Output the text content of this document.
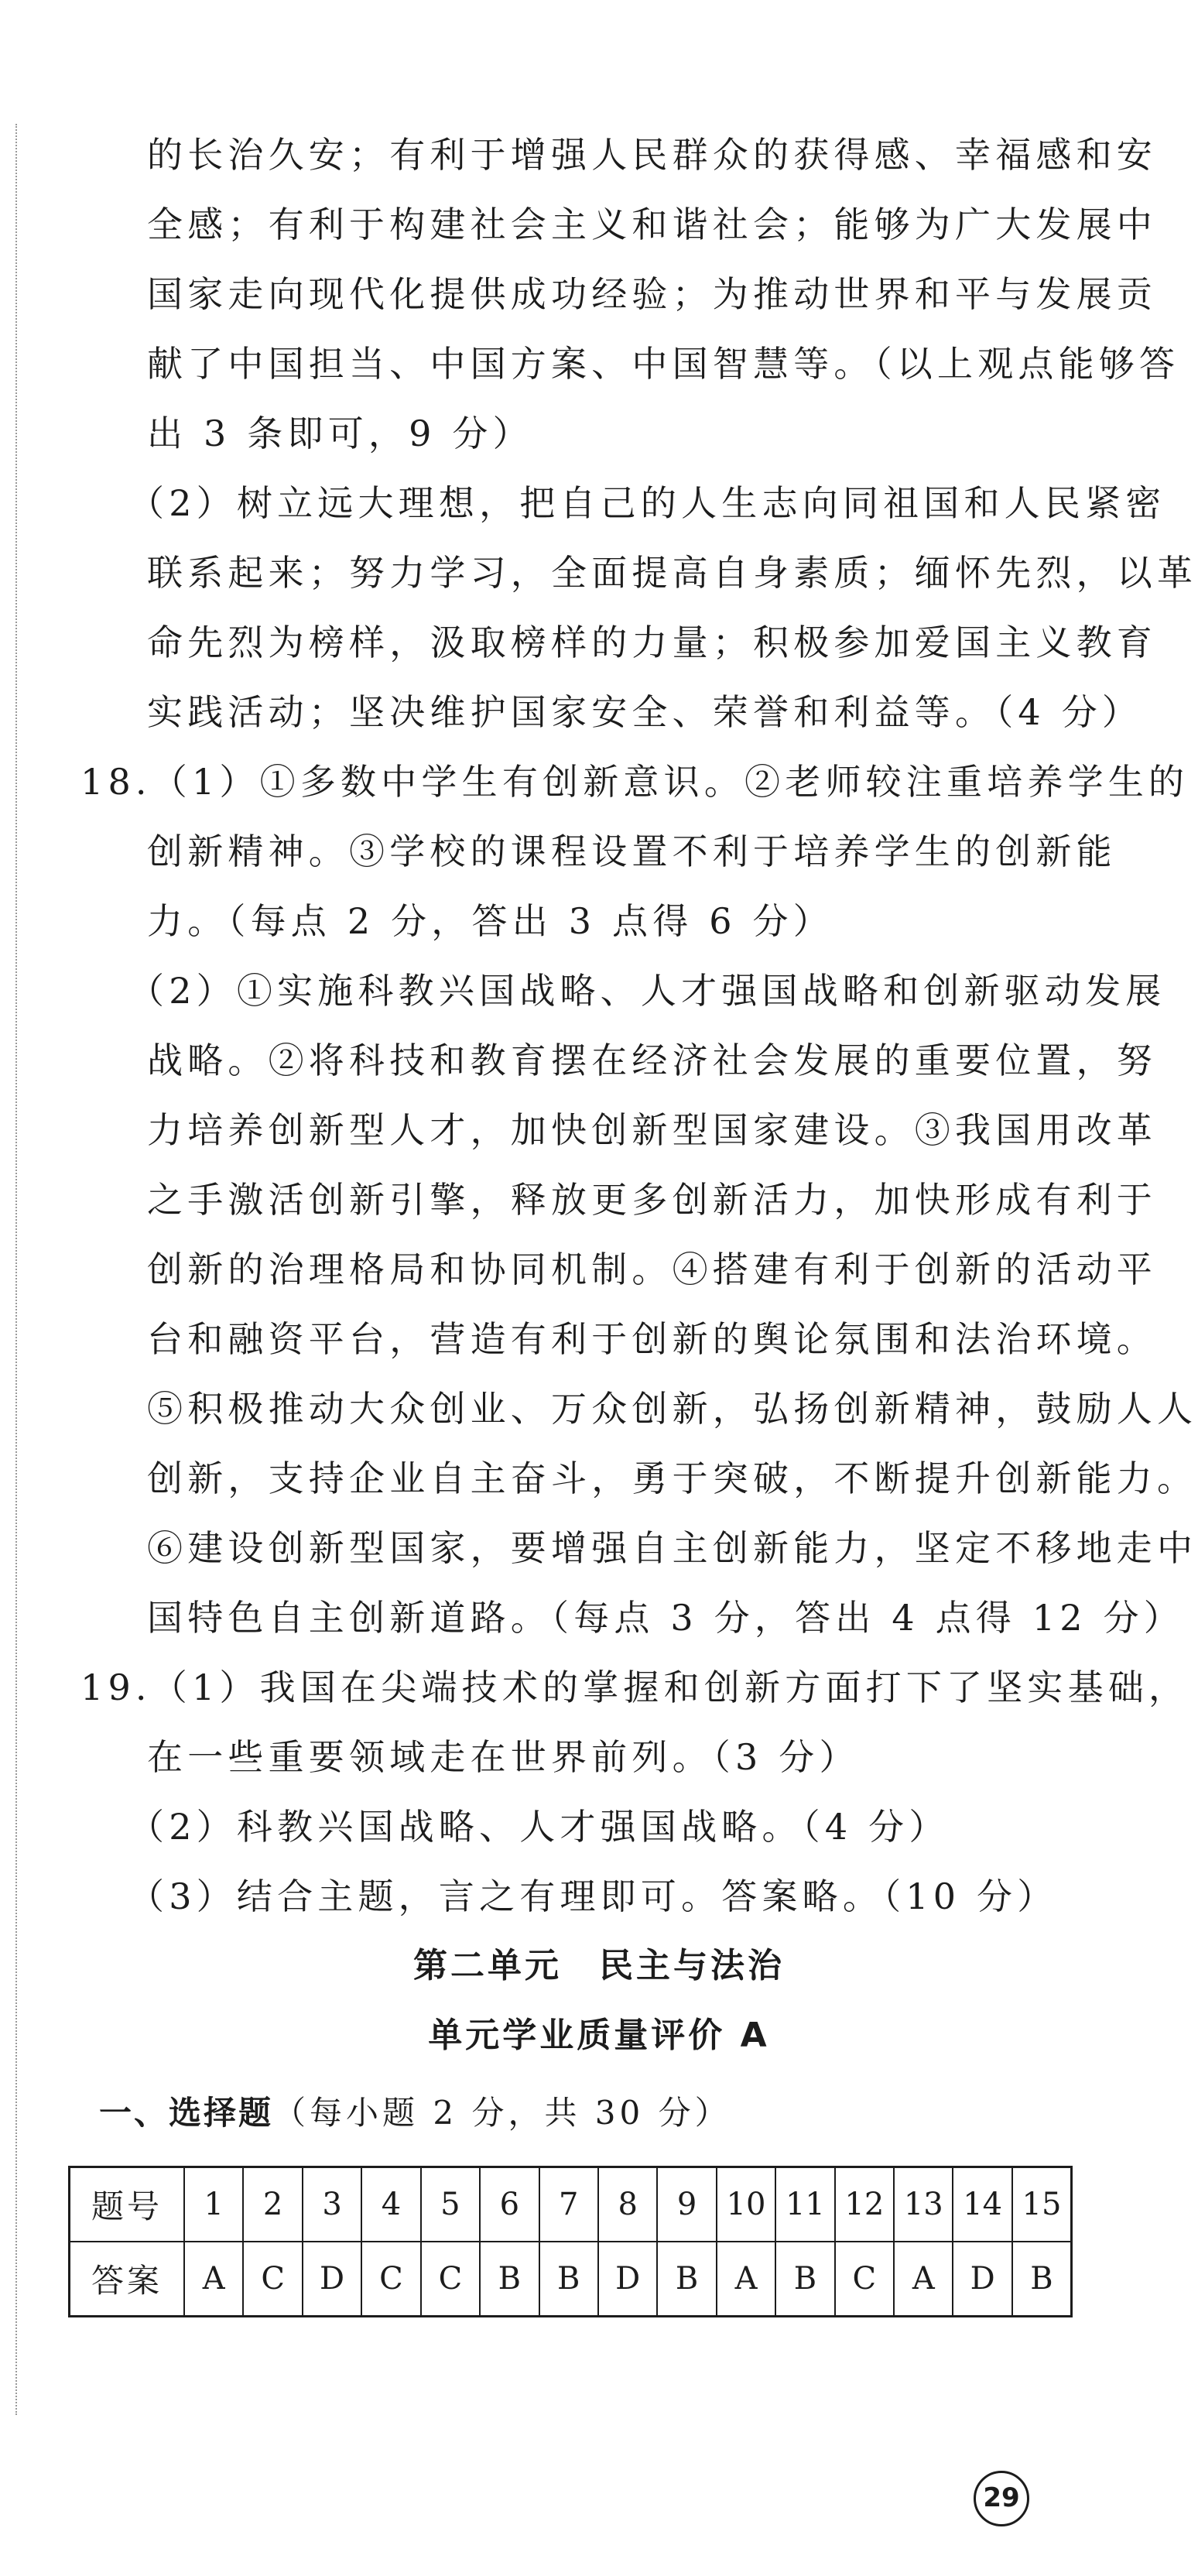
的长治久安；有利于增强人民群众的获得感、幸福感和安
全感；有利于构建社会主义和谐社会；能够为广大发展中
国家走向现代化提供成功经验；为推动世界和平与发展贡
献了中国担当、中国方案、中国智慧等。（以上观点能够答
出 3 条即可，9 分）
（2）树立远大理想，把自己的人生志向同祖国和人民紧密
联系起来；努力学习，全面提高自身素质；缅怀先烈，以革
命先烈为榜样，汲取榜样的力量；积极参加爱国主义教育
实践活动；坚决维护国家安全、荣誉和利益等。（4 分）
18.（1）①多数中学生有创新意识。②老师较注重培养学生的
创新精神。③学校的课程设置不利于培养学生的创新能
力。（每点 2 分，答出 3 点得 6 分）
（2）①实施科教兴国战略、人才强国战略和创新驱动发展
战略。②将科技和教育摆在经济社会发展的重要位置，努
力培养创新型人才，加快创新型国家建设。③我国用改革
之手激活创新引擎，释放更多创新活力，加快形成有利于
创新的治理格局和协同机制。④搭建有利于创新的活动平
台和融资平台，营造有利于创新的舆论氛围和法治环境。
⑤积极推动大众创业、万众创新，弘扬创新精神，鼓励人人
创新，支持企业自主奋斗，勇于突破，不断提升创新能力。
⑥建设创新型国家，要增强自主创新能力，坚定不移地走中
国特色自主创新道路。（每点 3 分，答出 4 点得 12 分）
19.（1）我国在尖端技术的掌握和创新方面打下了坚实基础，
在一些重要领域走在世界前列。（3 分）
（2）科教兴国战略、人才强国战略。（4 分）
（3）结合主题，言之有理即可。答案略。（10 分）
第二单元　民主与法治
单元学业质量评价 A
一、选择题（每小题 2 分，共 30 分）
题号	1	2	3	4	5	6	7	8	9	10	11	12	13	14	15
答案	A	C	D	C	C	B	B	D	B	A	B	C	A	D	B
29
